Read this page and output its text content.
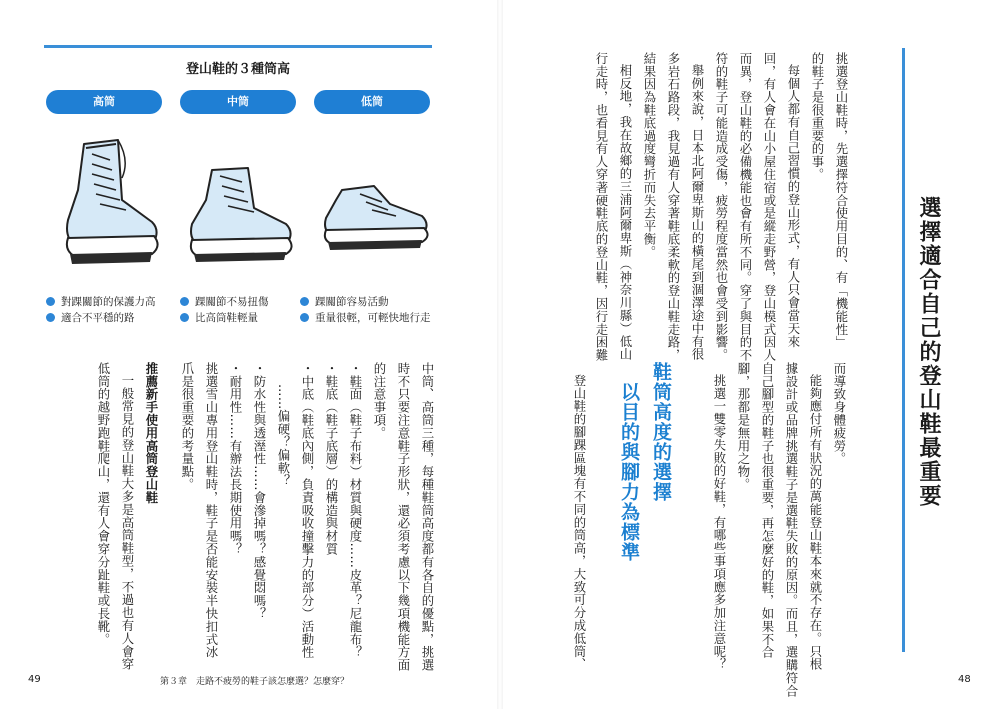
登山鞋的３種筒高
高筒	中筒	低筒
對踝關節的保護力高
適合不平穩的路
踝關節不易扭傷
比高筒鞋輕量
踝關節容易活動
重量很輕，可輕快地行走
中筒、高筒三種，每種鞋筒高度都有各自的優點，挑選
時不只要注意鞋子形狀，還必須考慮以下幾項機能方面
的注意事項。
・鞋面（鞋子布料）材質與硬度……皮革？尼龍布？
・鞋底（鞋子底層）的構造與材質
・中底（鞋底內側，負責吸收撞擊力的部分）活動性
……偏硬？偏軟？
・防水性與透溼性……會滲掉嗎？感覺悶嗎？
・耐用性……有辦法長期使用嗎？
挑選雪山專用登山鞋時，鞋子是否能安裝半快扣式冰
爪是很重要的考量點。
推薦新手使用高筒登山鞋
一般常見的登山鞋大多是高筒鞋型，不過也有人會穿
低筒的越野跑鞋爬山，還有人會穿分趾鞋或長靴。
49	第３章　走路不疲勞的鞋子該怎麼選？怎麼穿？
選擇適合自己的登山鞋最重要
挑選登山鞋時，先選擇符合使用目的、有「機能性」
的鞋子是很重要的事。
每個人都有自己習慣的登山形式，有人只會當天來
回，有人會在山小屋住宿或是縱走野營，登山模式因人
而異，登山鞋的必備機能也會有所不同。穿了與目的不
符的鞋子可能造成受傷，疲勞程度當然也會受到影響。
舉例來說，日本北阿爾卑斯山的橫尾到涸澤途中有很
多岩石路段，我見過有人穿著鞋底柔軟的登山鞋走路，
結果因為鞋底過度彎折而失去平衡。
相反地，我在故鄉的三浦阿爾卑斯（神奈川縣）低山
行走時，也看見有人穿著硬鞋底的登山鞋，因行走困難
而導致身體疲勞。
能夠應付所有狀況的萬能登山鞋本來就不存在。只根
據設計或品牌挑選鞋子是選鞋失敗的原因。而且，選購符合
自己腳型的鞋子也很重要，再怎麼好的鞋，如果不合
腳，那都是無用之物。
挑選一雙零失敗的好鞋，有哪些事項應多加注意呢？
鞋筒高度的選擇
以目的與腳力為標準
登山鞋的腳踝區塊有不同的筒高，大致可分成低筒、
48
